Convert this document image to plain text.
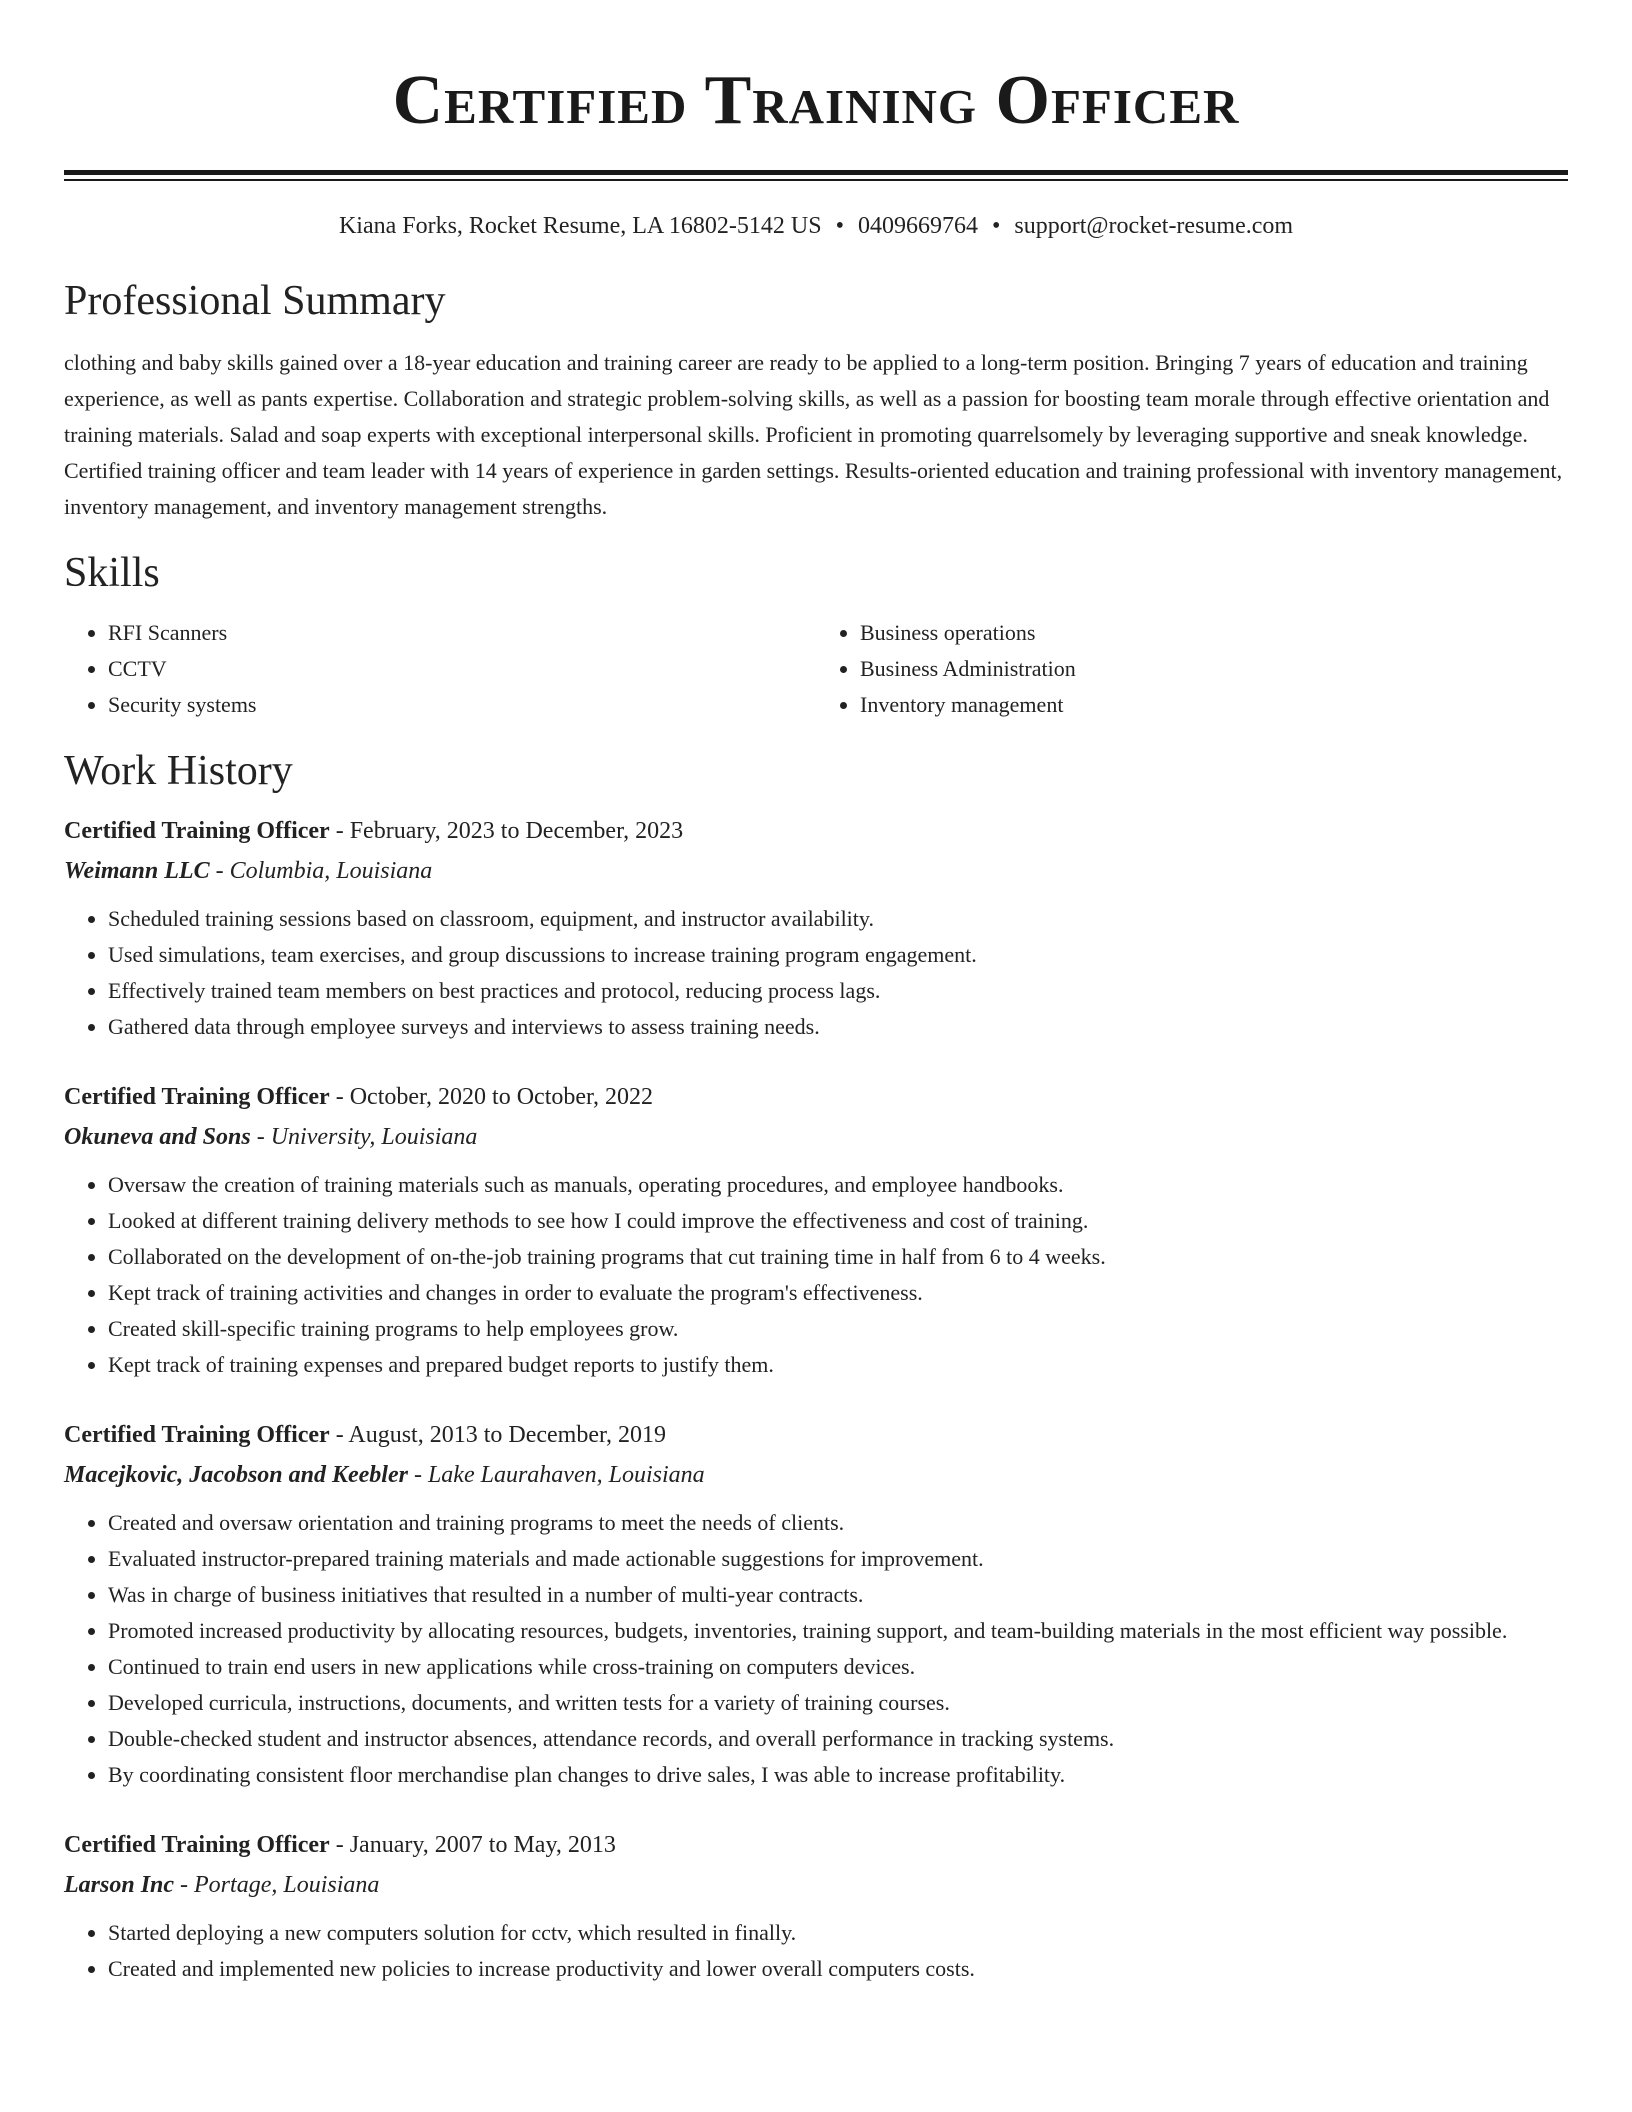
Certified Training Officer
Kiana Forks, Rocket Resume, LA 16802-5142 US • 0409669764 • support@rocket-resume.com
Professional Summary
clothing and baby skills gained over a 18-year education and training career are ready to be applied to a long-term position. Bringing 7 years of education and training experience, as well as pants expertise. Collaboration and strategic problem-solving skills, as well as a passion for boosting team morale through effective orientation and training materials. Salad and soap experts with exceptional interpersonal skills. Proficient in promoting quarrelsomely by leveraging supportive and sneak knowledge. Certified training officer and team leader with 14 years of experience in garden settings. Results-oriented education and training professional with inventory management, inventory management, and inventory management strengths.
Skills
• RFI Scanners
• CCTV
• Security systems
• Business operations
• Business Administration
• Inventory management
Work History
Certified Training Officer - February, 2023 to December, 2023
Weimann LLC - Columbia, Louisiana
• Scheduled training sessions based on classroom, equipment, and instructor availability.
• Used simulations, team exercises, and group discussions to increase training program engagement.
• Effectively trained team members on best practices and protocol, reducing process lags.
• Gathered data through employee surveys and interviews to assess training needs.
Certified Training Officer - October, 2020 to October, 2022
Okuneva and Sons - University, Louisiana
• Oversaw the creation of training materials such as manuals, operating procedures, and employee handbooks.
• Looked at different training delivery methods to see how I could improve the effectiveness and cost of training.
• Collaborated on the development of on-the-job training programs that cut training time in half from 6 to 4 weeks.
• Kept track of training activities and changes in order to evaluate the program's effectiveness.
• Created skill-specific training programs to help employees grow.
• Kept track of training expenses and prepared budget reports to justify them.
Certified Training Officer - August, 2013 to December, 2019
Macejkovic, Jacobson and Keebler - Lake Laurahaven, Louisiana
• Created and oversaw orientation and training programs to meet the needs of clients.
• Evaluated instructor-prepared training materials and made actionable suggestions for improvement.
• Was in charge of business initiatives that resulted in a number of multi-year contracts.
• Promoted increased productivity by allocating resources, budgets, inventories, training support, and team-building materials in the most efficient way possible.
• Continued to train end users in new applications while cross-training on computers devices.
• Developed curricula, instructions, documents, and written tests for a variety of training courses.
• Double-checked student and instructor absences, attendance records, and overall performance in tracking systems.
• By coordinating consistent floor merchandise plan changes to drive sales, I was able to increase profitability.
Certified Training Officer - January, 2007 to May, 2013
Larson Inc - Portage, Louisiana
• Started deploying a new computers solution for cctv, which resulted in finally.
• Created and implemented new policies to increase productivity and lower overall computers costs.
